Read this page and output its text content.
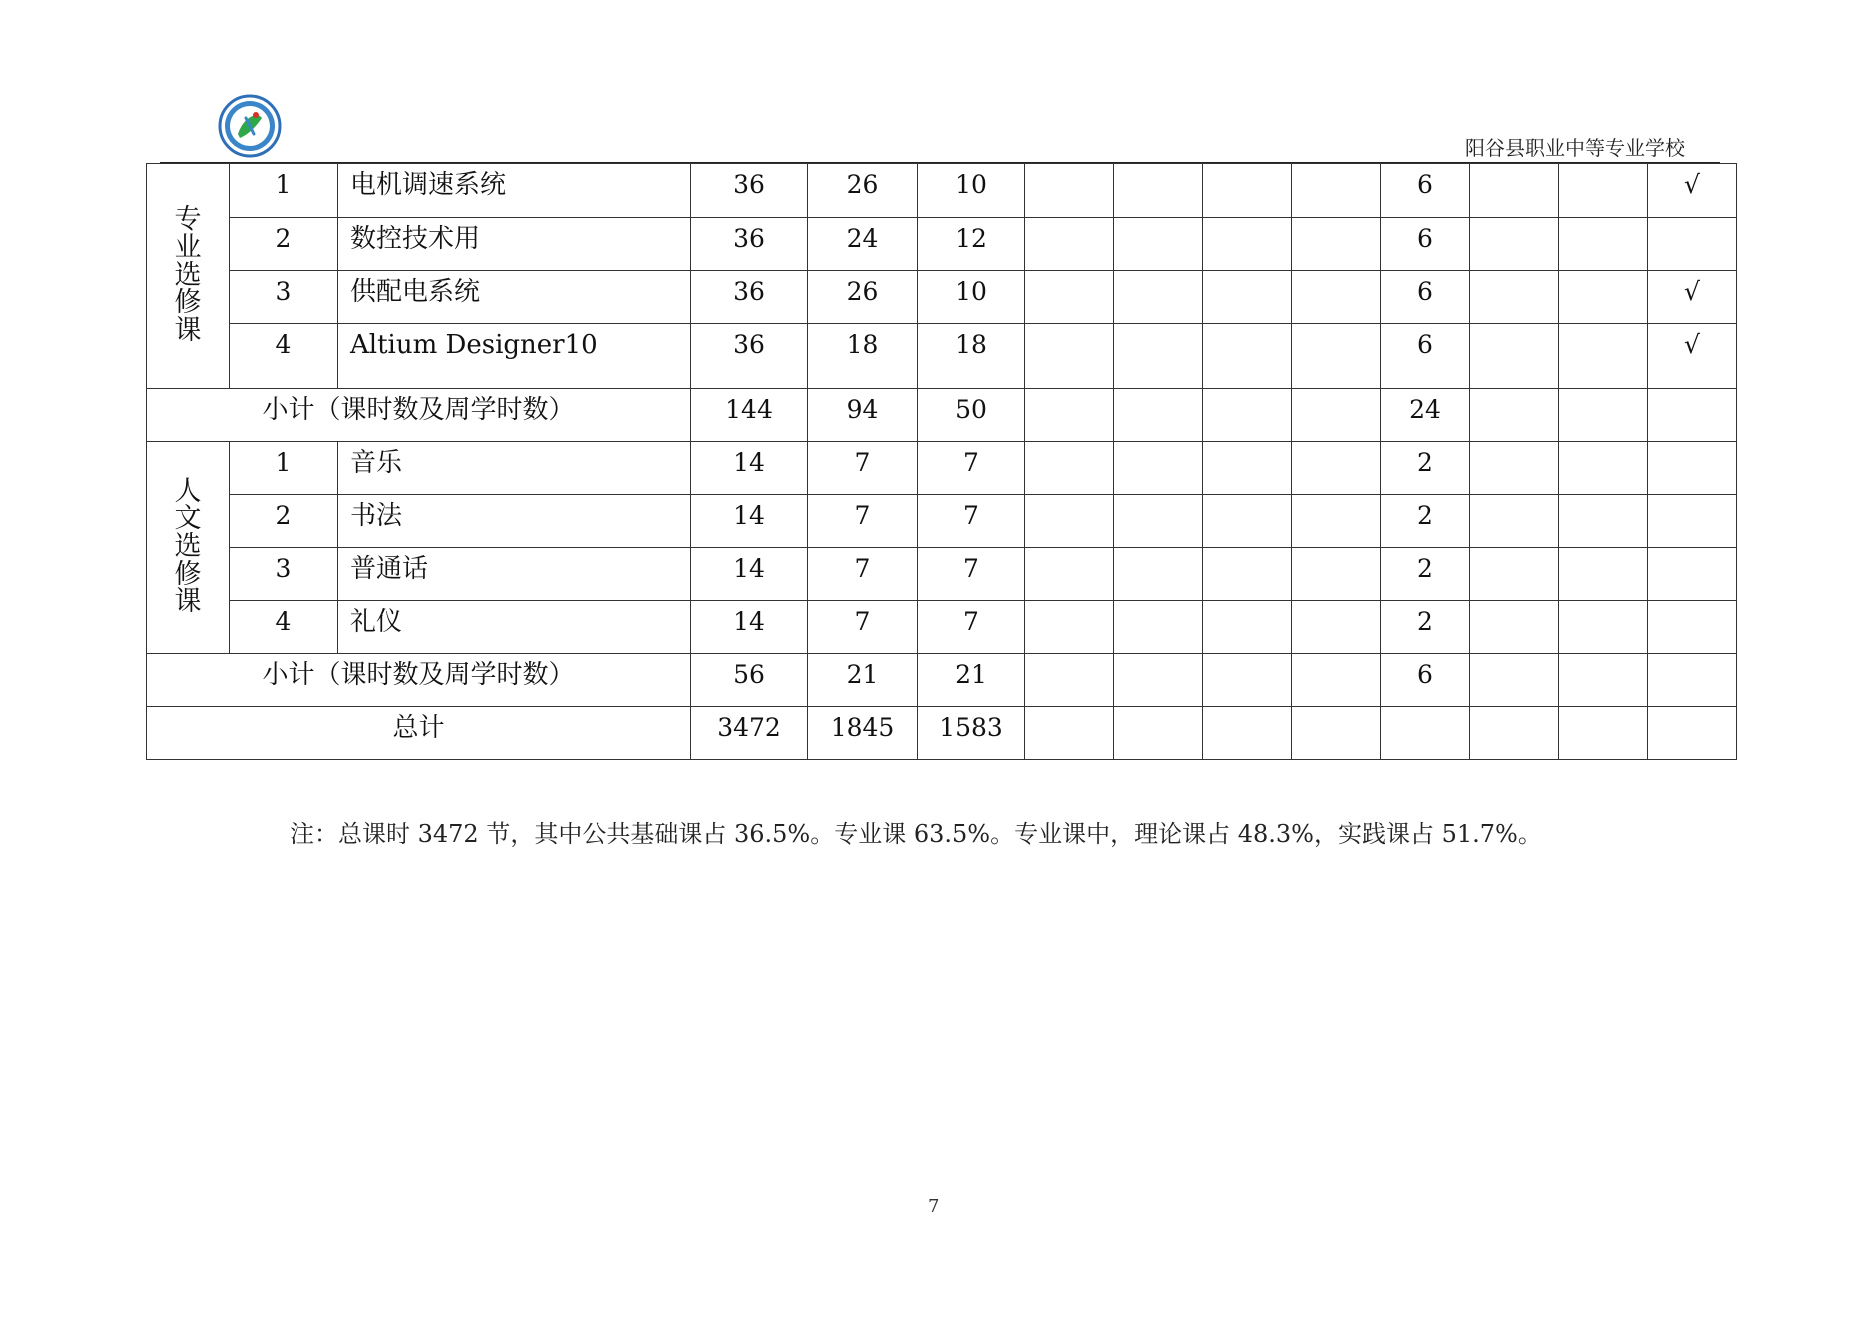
阳谷县职业中等专业学校
专业选修课	1	电机调速系统	36	26	10					6			√
	2	数控技术用	36	24	12					6			
	3	供配电系统	36	26	10					6			√
	4	Altium Designer10	36	18	18					6			√
小计（课时数及周学时数）			144	94	50					24			
人文选修课	1	音乐	14	7	7					2			
	2	书法	14	7	7					2			
	3	普通话	14	7	7					2			
	4	礼仪	14	7	7					2			
小计（课时数及周学时数）			56	21	21					6			
总计			3472	1845	1583								
注：总课时 3472 节，其中公共基础课占 36.5%。专业课 63.5%。专业课中，理论课占 48.3%，实践课占 51.7%。
7
